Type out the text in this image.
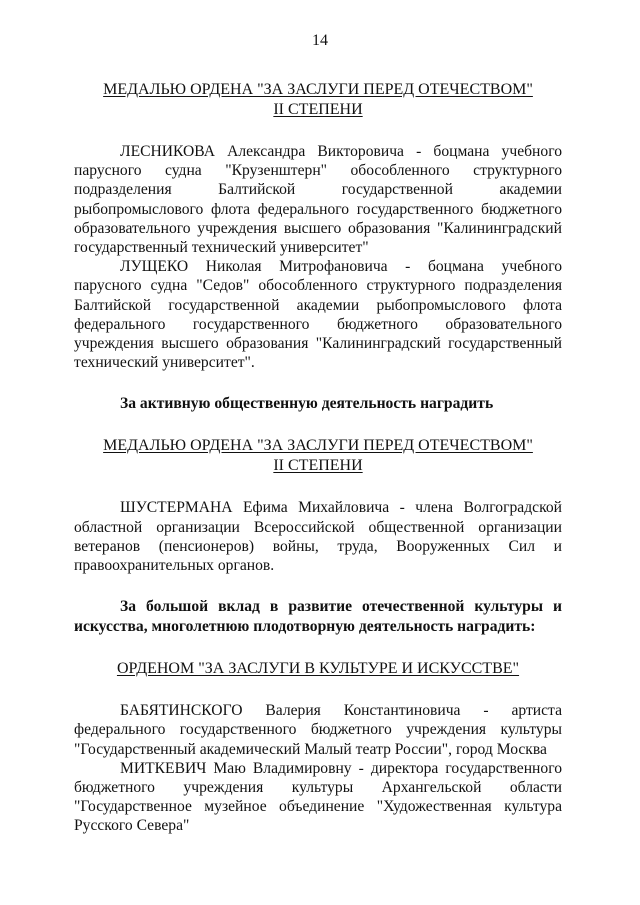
14
МЕДАЛЬЮ ОРДЕНА "ЗА ЗАСЛУГИ ПЕРЕД ОТЕЧЕСТВОМ"
II СТЕПЕНИ

ЛЕСНИКОВА Александра Викторовича - боцмана учебного парусного судна "Крузенштерн" обособленного структурного подразделения Балтийской государственной академии рыбопромыслового флота федерального государственного бюджетного образовательного учреждения высшего образования "Калининградский государственный технический университет"

ЛУЩЕКО Николая Митрофановича - боцмана учебного парусного судна "Седов" обособленного структурного подразделения Балтийской государственной академии рыбопромыслового флота федерального государственного бюджетного образовательного учреждения высшего образования "Калининградский государственный технический университет".

За активную общественную деятельность наградить

МЕДАЛЬЮ ОРДЕНА "ЗА ЗАСЛУГИ ПЕРЕД ОТЕЧЕСТВОМ"
II СТЕПЕНИ

ШУСТЕРМАНА Ефима Михайловича - члена Волгоградской областной организации Всероссийской общественной организации ветеранов (пенсионеров) войны, труда, Вооруженных Сил и правоохранительных органов.

За большой вклад в развитие отечественной культуры и искусства, многолетнюю плодотворную деятельность наградить:

ОРДЕНОМ "ЗА ЗАСЛУГИ В КУЛЬТУРЕ И ИСКУССТВЕ"

БАБЯТИНСКОГО Валерия Константиновича - артиста федерального государственного бюджетного учреждения культуры "Государственный академический Малый театр России", город Москва

МИТКЕВИЧ Маю Владимировну - директора государственного бюджетного учреждения культуры Архангельской области "Государственное музейное объединение "Художественная культура Русского Севера"
